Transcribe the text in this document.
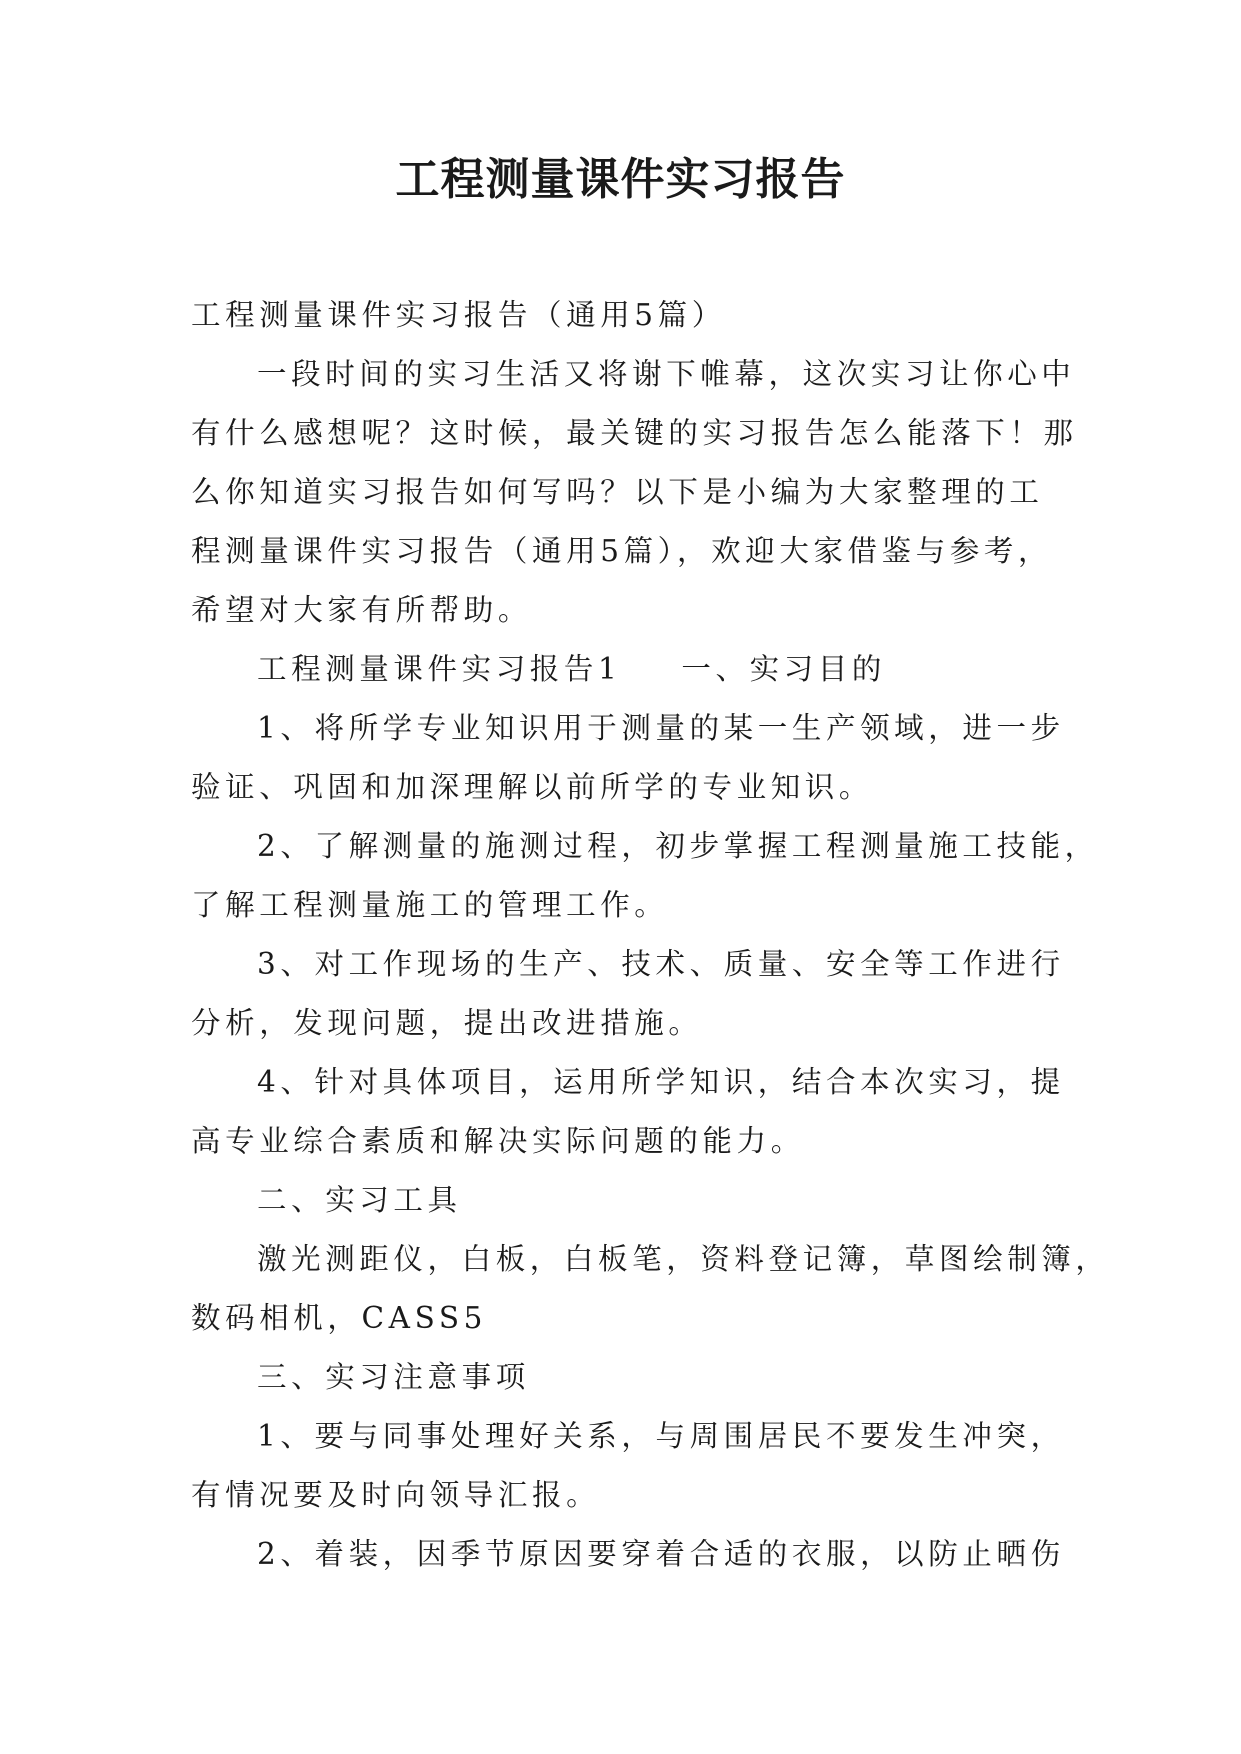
工程测量课件实习报告
工程测量课件实习报告（通用5篇）
一段时间的实习生活又将谢下帷幕，这次实习让你心中
有什么感想呢？这时候，最关键的实习报告怎么能落下！那
么你知道实习报告如何写吗？以下是小编为大家整理的工
程测量课件实习报告（通用5篇），欢迎大家借鉴与参考，
希望对大家有所帮助。
工程测量课件实习报告1 一、实习目的
1、将所学专业知识用于测量的某一生产领域，进一步
验证、巩固和加深理解以前所学的专业知识。
2、了解测量的施测过程，初步掌握工程测量施工技能，
了解工程测量施工的管理工作。
3、对工作现场的生产、技术、质量、安全等工作进行
分析，发现问题，提出改进措施。
4、针对具体项目，运用所学知识，结合本次实习，提
高专业综合素质和解决实际问题的能力。
二、实习工具
激光测距仪，白板，白板笔，资料登记簿，草图绘制簿，
数码相机，CASS5
三、实习注意事项
1、要与同事处理好关系，与周围居民不要发生冲突，
有情况要及时向领导汇报。
2、着装，因季节原因要穿着合适的衣服，以防止晒伤
